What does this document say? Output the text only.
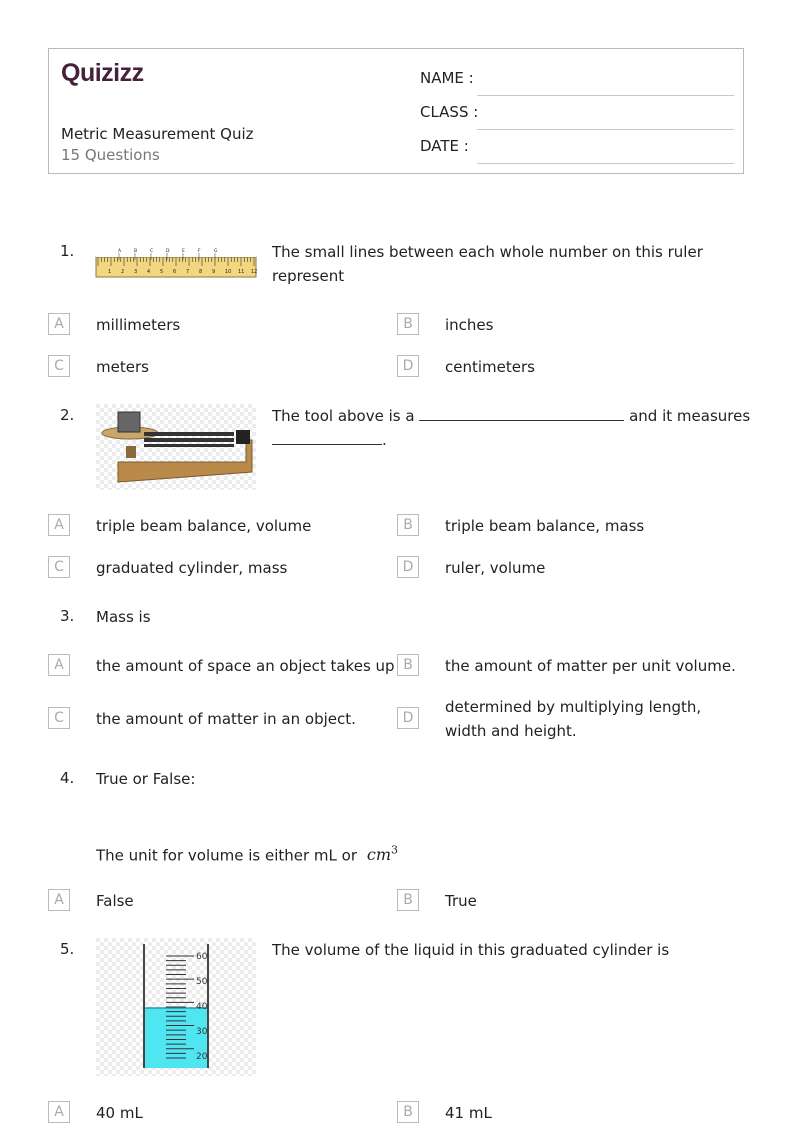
Quizizz
Metric Measurement Quiz
15 Questions
NAME :
CLASS :
DATE :
1.
1 2 3 4 5 6 7 8 9 10 11 12
A	B	C	D	E	F	G	The small lines between each whole number on this ruler represent
A	millimeters	B	inches
C	meters	D	centimeters
2.	The tool above is a	and it measures
.
A	triple beam balance, volume	B	triple beam balance, mass
C	graduated cylinder, mass	D	ruler, volume
3. Mass is
A	the amount of space an object takes up B	the amount of matter per unit volume.
C	the amount of matter in an object.	D
determined by multiplying length, width and height.
4. True or False:
The unit for volume is either mL or $cm^3$
A	False	B	True
5.	60
50
40
30
20
The volume of the liquid in this graduated cylinder is
A	40 mL	B	41 mL
